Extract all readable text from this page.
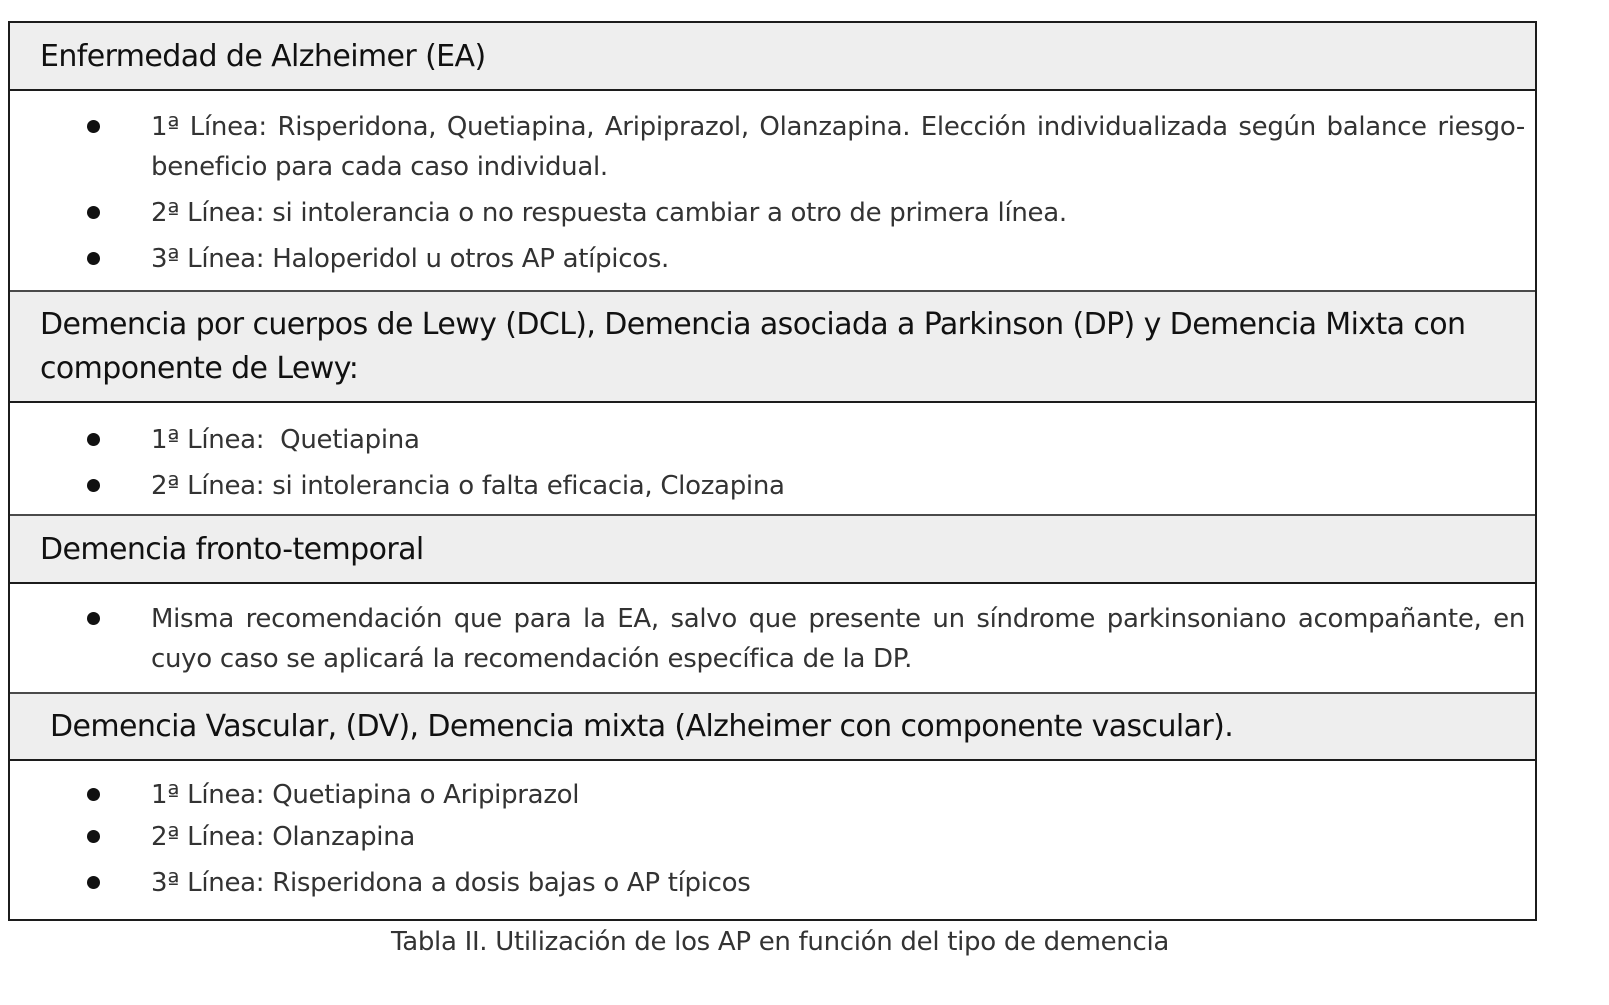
Enfermedad de Alzheimer (EA)
1ª Línea: Risperidona, Quetiapina, Aripiprazol, Olanzapina. Elección individualizada según balance riesgo-beneficio para cada caso individual.
2ª Línea: si intolerancia o no respuesta cambiar a otro de primera línea.
3ª Línea: Haloperidol u otros AP atípicos.
Demencia por cuerpos de Lewy (DCL), Demencia asociada a Parkinson (DP) y Demencia Mixta con componente de Lewy:
1ª Línea:  Quetiapina
2ª Línea: si intolerancia o falta eficacia, Clozapina
Demencia fronto-temporal
Misma recomendación que para la EA, salvo que presente un síndrome parkinsoniano acompañante, en cuyo caso se aplicará la recomendación específica de la DP.
Demencia Vascular, (DV), Demencia mixta (Alzheimer con componente vascular).
1ª Línea: Quetiapina o Aripiprazol
2ª Línea: Olanzapina
3ª Línea: Risperidona a dosis bajas o AP típicos
Tabla II. Utilización de los AP en función del tipo de demencia
